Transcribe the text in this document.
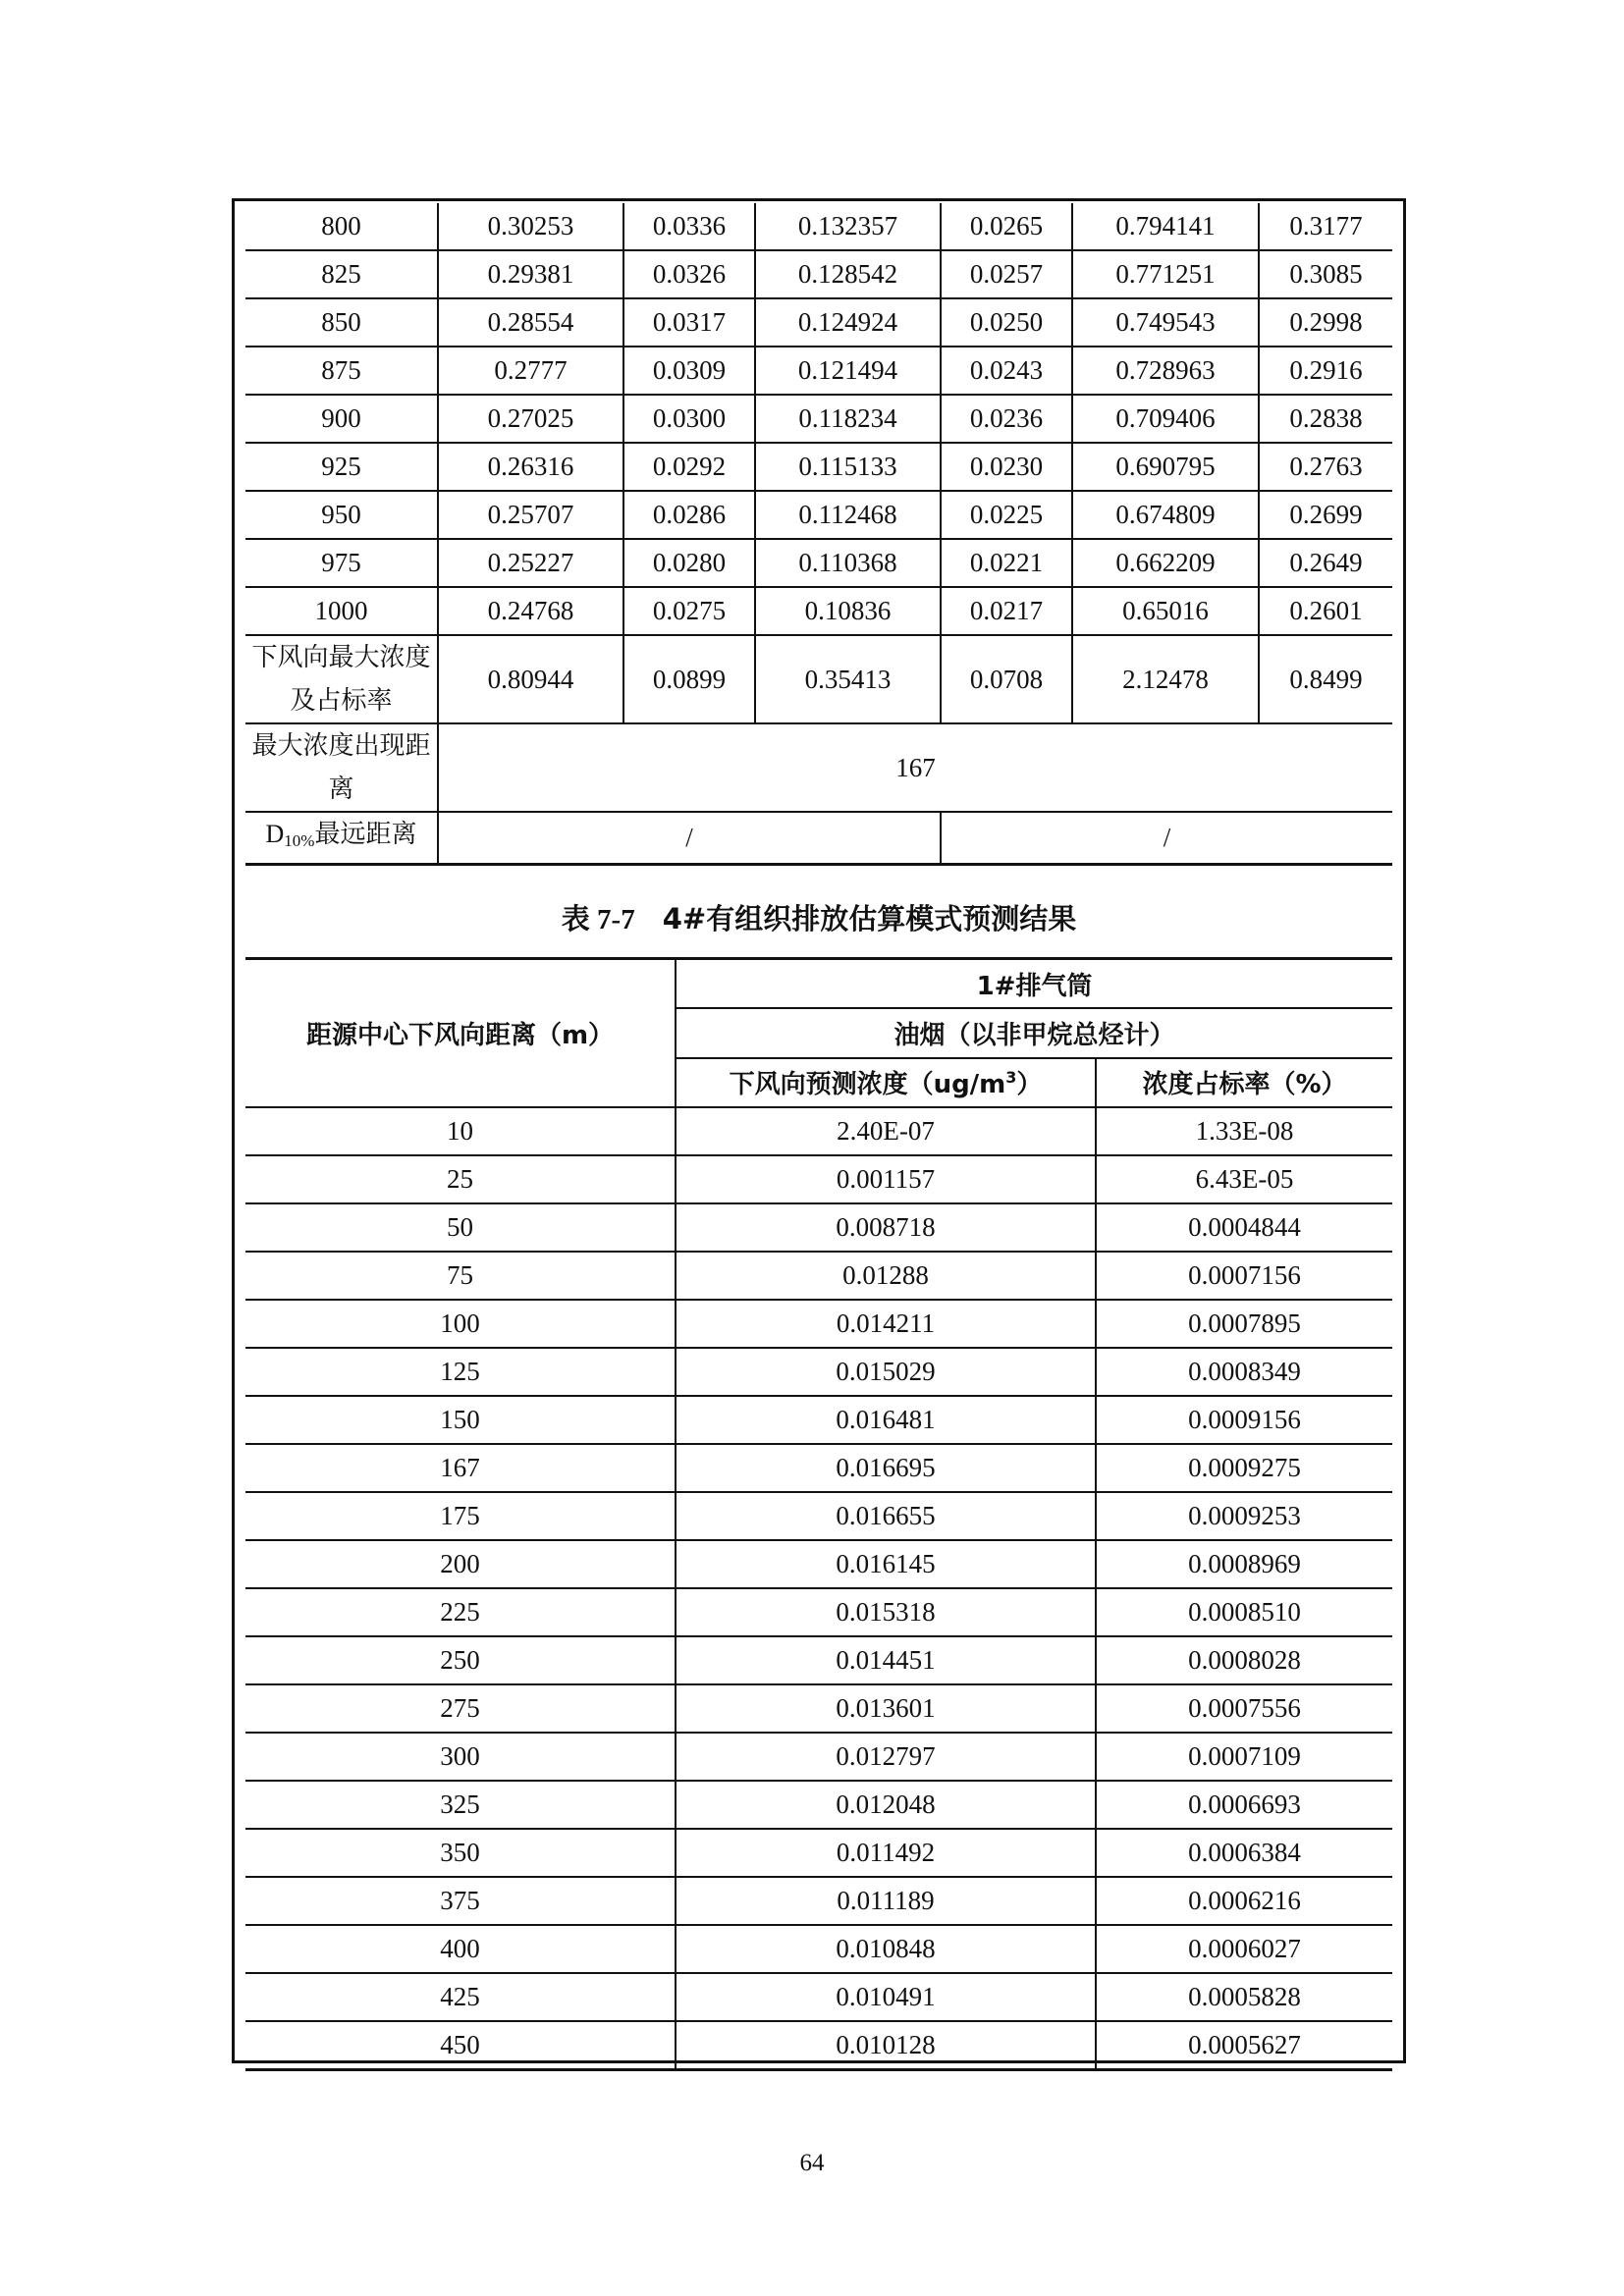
800	0.30253	0.0336	0.132357	0.0265	0.794141	0.3177
825	0.29381	0.0326	0.128542	0.0257	0.771251	0.3085
850	0.28554	0.0317	0.124924	0.0250	0.749543	0.2998
875	0.2777	0.0309	0.121494	0.0243	0.728963	0.2916
900	0.27025	0.0300	0.118234	0.0236	0.709406	0.2838
925	0.26316	0.0292	0.115133	0.0230	0.690795	0.2763
950	0.25707	0.0286	0.112468	0.0225	0.674809	0.2699
975	0.25227	0.0280	0.110368	0.0221	0.662209	0.2649
1000	0.24768	0.0275	0.10836	0.0217	0.65016	0.2601
下风向最大浓度及占标率	0.80944	0.0899	0.35413	0.0708	2.12478	0.8499
最大浓度出现距离	167					
$D_{10\%}$最远距离	/			/		
表 7-7 4#有组织排放估算模式预测结果
距源中心下风向距离（m）	1#排气筒	
	油烟（以非甲烷总烃计）	
	下风向预测浓度$(ug/m^3)$	浓度占标率（%）
10	2.40E-07	1.33E-08
25	0.001157	6.43E-05
50	0.008718	0.0004844
75	0.01288	0.0007156
100	0.014211	0.0007895
125	0.015029	0.0008349
150	0.016481	0.0009156
167	0.016695	0.0009275
175	0.016655	0.0009253
200	0.016145	0.0008969
225	0.015318	0.0008510
250	0.014451	0.0008028
275	0.013601	0.0007556
300	0.012797	0.0007109
325	0.012048	0.0006693
350	0.011492	0.0006384
375	0.011189	0.0006216
400	0.010848	0.0006027
425	0.010491	0.0005828
450	0.010128	0.0005627
64
